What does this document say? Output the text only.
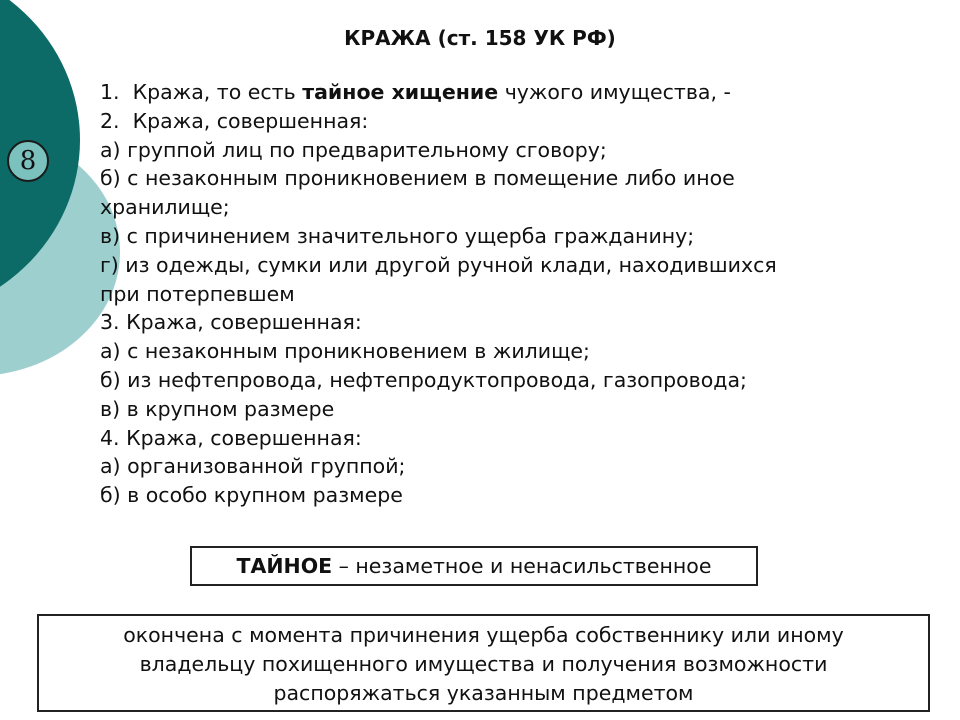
8
КРАЖА (ст. 158 УК РФ)
1.  Кража, то есть тайное хищение чужого имущества, -
2.  Кража, совершенная:
а) группой лиц по предварительному сговору;
б) с незаконным проникновением в помещение либо иное
хранилище;
в) с причинением значительного ущерба гражданину;
г) из одежды, сумки или другой ручной клади, находившихся
при потерпевшем
3. Кража, совершенная:
а) с незаконным проникновением в жилище;
б) из нефтепровода, нефтепродуктопровода, газопровода;
в) в крупном размере
4. Кража, совершенная:
а) организованной группой;
б) в особо крупном размере
ТАЙНОЕ – незаметное и ненасильственное
окончена с момента причинения ущерба собственнику или иному
владельцу похищенного имущества и получения возможности
распоряжаться указанным предметом
